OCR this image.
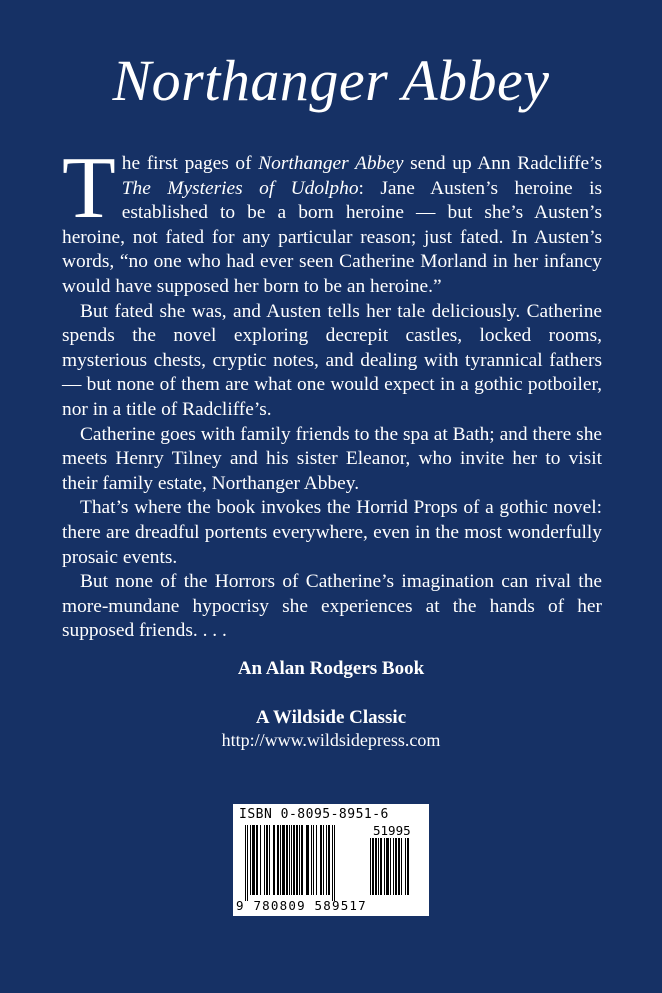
Northanger Abbey

The first pages of Northanger Abbey send up Ann Radcliffe’s The Mysteries of Udolpho: Jane Austen’s heroine is established to be a born heroine — but she’s Austen’s heroine, not fated for any particular reason; just fated. In Austen’s words, “no one who had ever seen Catherine Morland in her infancy would have supposed her born to be an heroine.”

But fated she was, and Austen tells her tale deliciously. Catherine spends the novel exploring decrepit castles, locked rooms, mysterious chests, cryptic notes, and dealing with tyrannical fathers — but none of them are what one would expect in a gothic potboiler, nor in a title of Radcliffe’s.

Catherine goes with family friends to the spa at Bath; and there she meets Henry Tilney and his sister Eleanor, who invite her to visit their family estate, Northanger Abbey.

That’s where the book invokes the Horrid Props of a gothic novel: there are dreadful portents everywhere, even in the most wonderfully prosaic events.

But none of the Horrors of Catherine’s imagination can rival the more-mundane hypocrisy she experiences at the hands of her supposed friends. . . .

An Alan Rodgers Book
A Wildside Classic
http://www.wildsidepress.com
ISBN 0-8095-8951-6
51995
9 780809 589517
